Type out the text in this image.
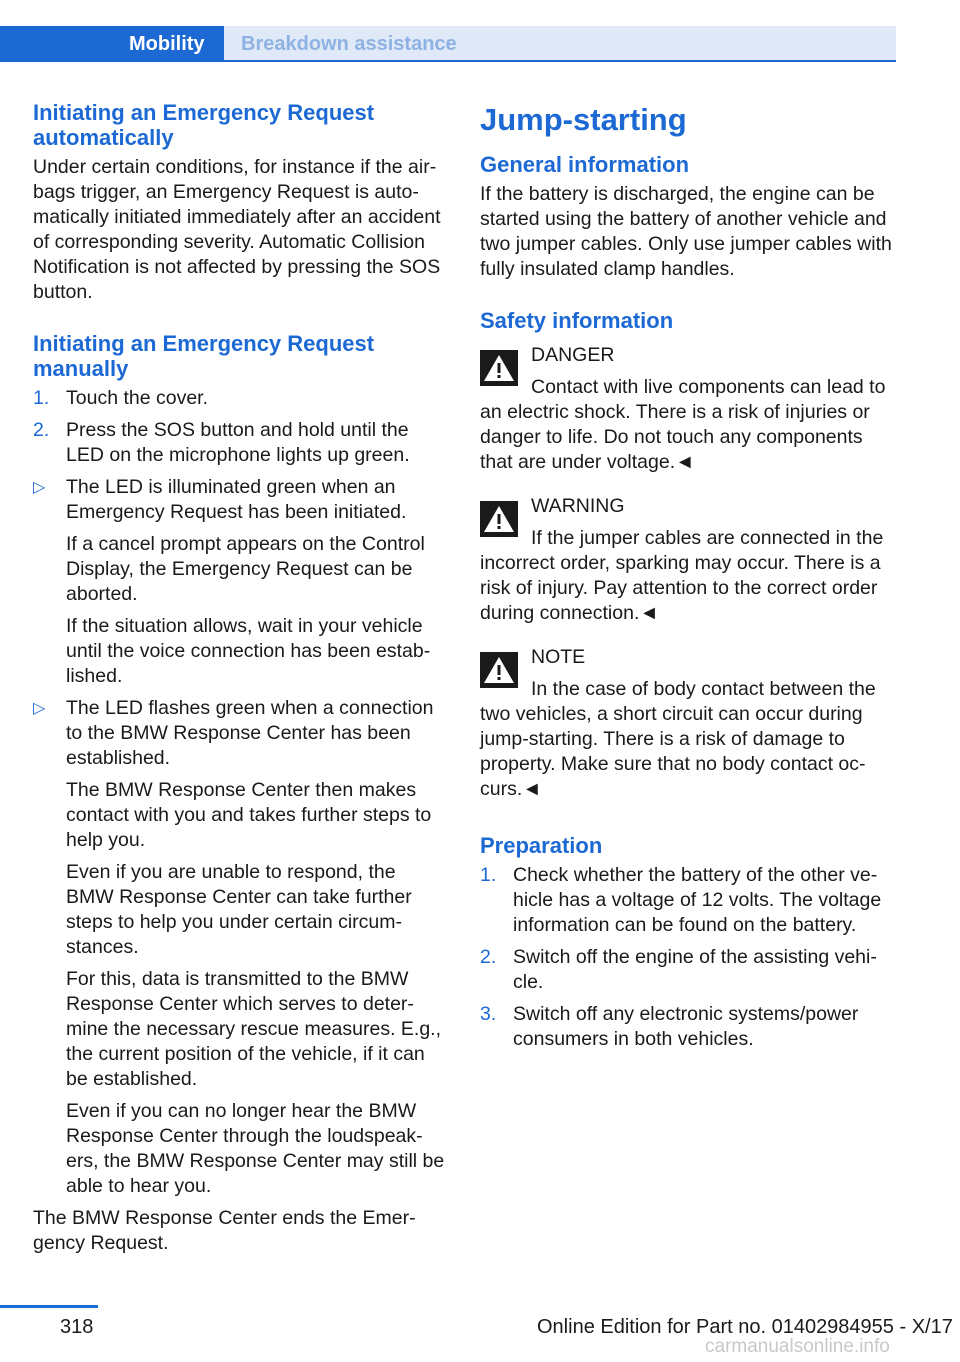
Mobility	Breakdown assistance
Initiating an Emergency Request automatically

Under certain conditions, for instance if the airbags trigger, an Emergency Request is automatically initiated immediately after an accident of corresponding severity. Automatic Collision Notification is not affected by pressing the SOS button.

Initiating an Emergency Request manually
1. Touch the cover.

2. Press the SOS button and hold until the LED on the microphone lights up green.

▷ The LED is illuminated green when an Emergency Request has been initiated.

If a cancel prompt appears on the Control Display, the Emergency Request can be aborted.

If the situation allows, wait in your vehicle until the voice connection has been established.

▷ The LED flashes green when a connection to the BMW Response Center has been established.

The BMW Response Center then makes contact with you and takes further steps to help you.

Even if you are unable to respond, the BMW Response Center can take further steps to help you under certain circumstances.

For this, data is transmitted to the BMW Response Center which serves to determine the necessary rescue measures. E.g., the current position of the vehicle, if it can be established.

Even if you can no longer hear the BMW Response Center through the loudspeakers, the BMW Response Center may still be able to hear you.

The BMW Response Center ends the Emergency Request.

Jump-starting
General information

If the battery is discharged, the engine can be started using the battery of another vehicle and two jumper cables. Only use jumper cables with fully insulated clamp handles.

Safety information
DANGER

Contact with live components can lead to an electric shock. There is a risk of injuries or danger to life. Do not touch any components that are under voltage.◄

WARNING

If the jumper cables are connected in the incorrect order, sparking may occur. There is a risk of injury. Pay attention to the correct order during connection.◄

NOTE

In the case of body contact between the two vehicles, a short circuit can occur during jump-starting. There is a risk of damage to property. Make sure that no body contact occurs.◄

Preparation
1. Check whether the battery of the other vehicle has a voltage of 12 volts. The voltage information can be found on the battery.

2. Switch off the engine of the assisting vehicle.

3. Switch off any electronic systems/power consumers in both vehicles.

318	Online Edition for Part no. 01402984955 - X/17
carmanualsonline.info
